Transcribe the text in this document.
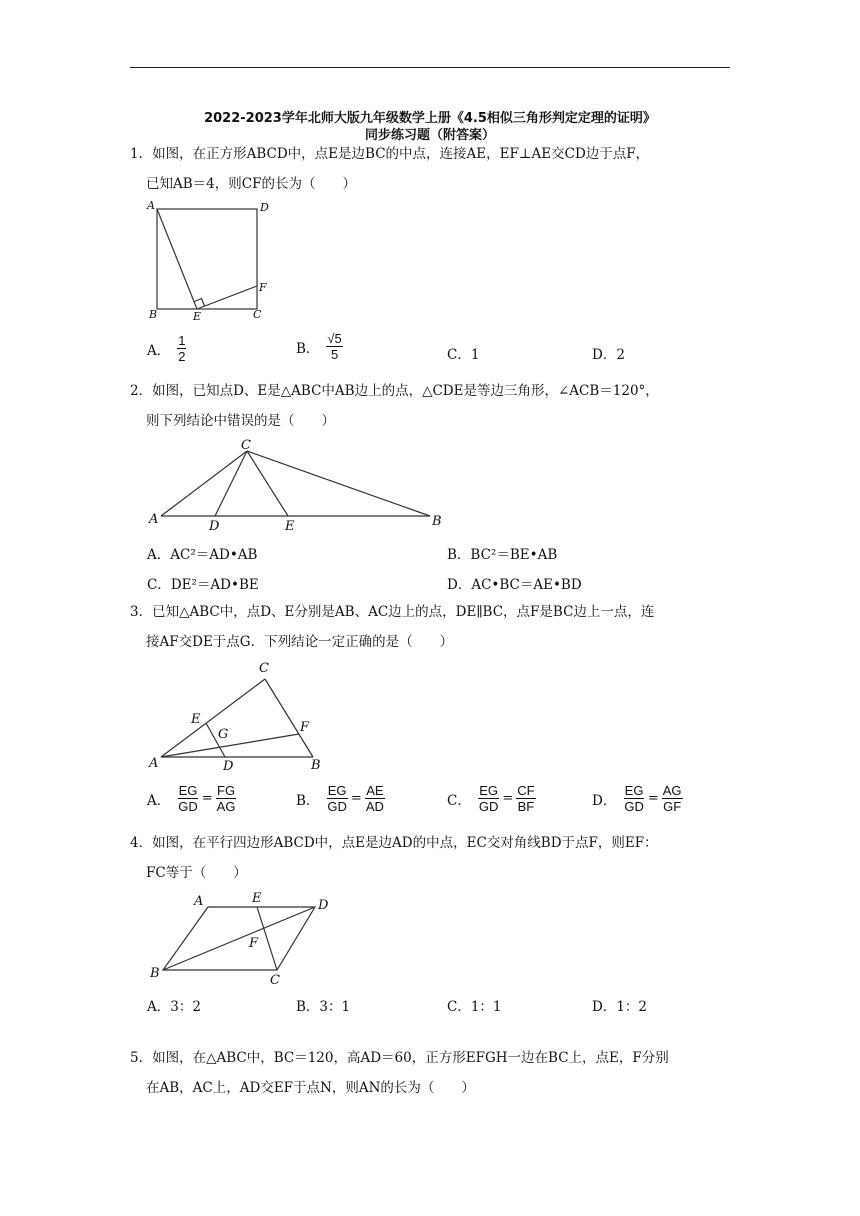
2022-2023学年北师大版九年级数学上册《4.5相似三角形判定定理的证明》
同步练习题（附答案）
1．如图，在正方形ABCD中，点E是边BC的中点，连接AE，EF⊥AE交CD边于点F，
已知AB＝4，则CF的长为（　　）
A	D
B	E	C
F
A． $\frac{1}{2}$	B． $\frac{√5}{5}$	C．1	D．2
2．如图，已知点D、E是△ABC中AB边上的点，△CDE是等边三角形，∠ACB＝120°，
则下列结论中错误的是（　　）
C
A	D	E	B
A．AC²＝AD•AB	B．BC²＝BE•AB
C．DE²＝AD•BE	D．AC•BC＝AE•BD
3．已知△ABC中，点D、E分别是AB、AC边上的点，DE∥BC，点F是BC边上一点，连
接AF交DE于点G．下列结论一定正确的是（　　）
C
E
F
G
A	D	B
A． $\frac{EG}{GD} = \frac{FG}{AG}$	B． $\frac{EG}{GD} = \frac{AE}{AD}$	C． $\frac{EG}{GD} = \frac{CF}{BF}$	D． $\frac{EG}{GD} = \frac{AG}{GF}$
4．如图，在平行四边形ABCD中，点E是边AD的中点，EC交对角线BD于点F，则EF：
FC等于（　　）
A	E	D
F
B	C
A．3：2	B．3：1	C．1：1	D．1：2
5．如图，在△ABC中，BC＝120，高AD＝60，正方形EFGH一边在BC上，点E，F分别
在AB，AC上，AD交EF于点N，则AN的长为（　　）
